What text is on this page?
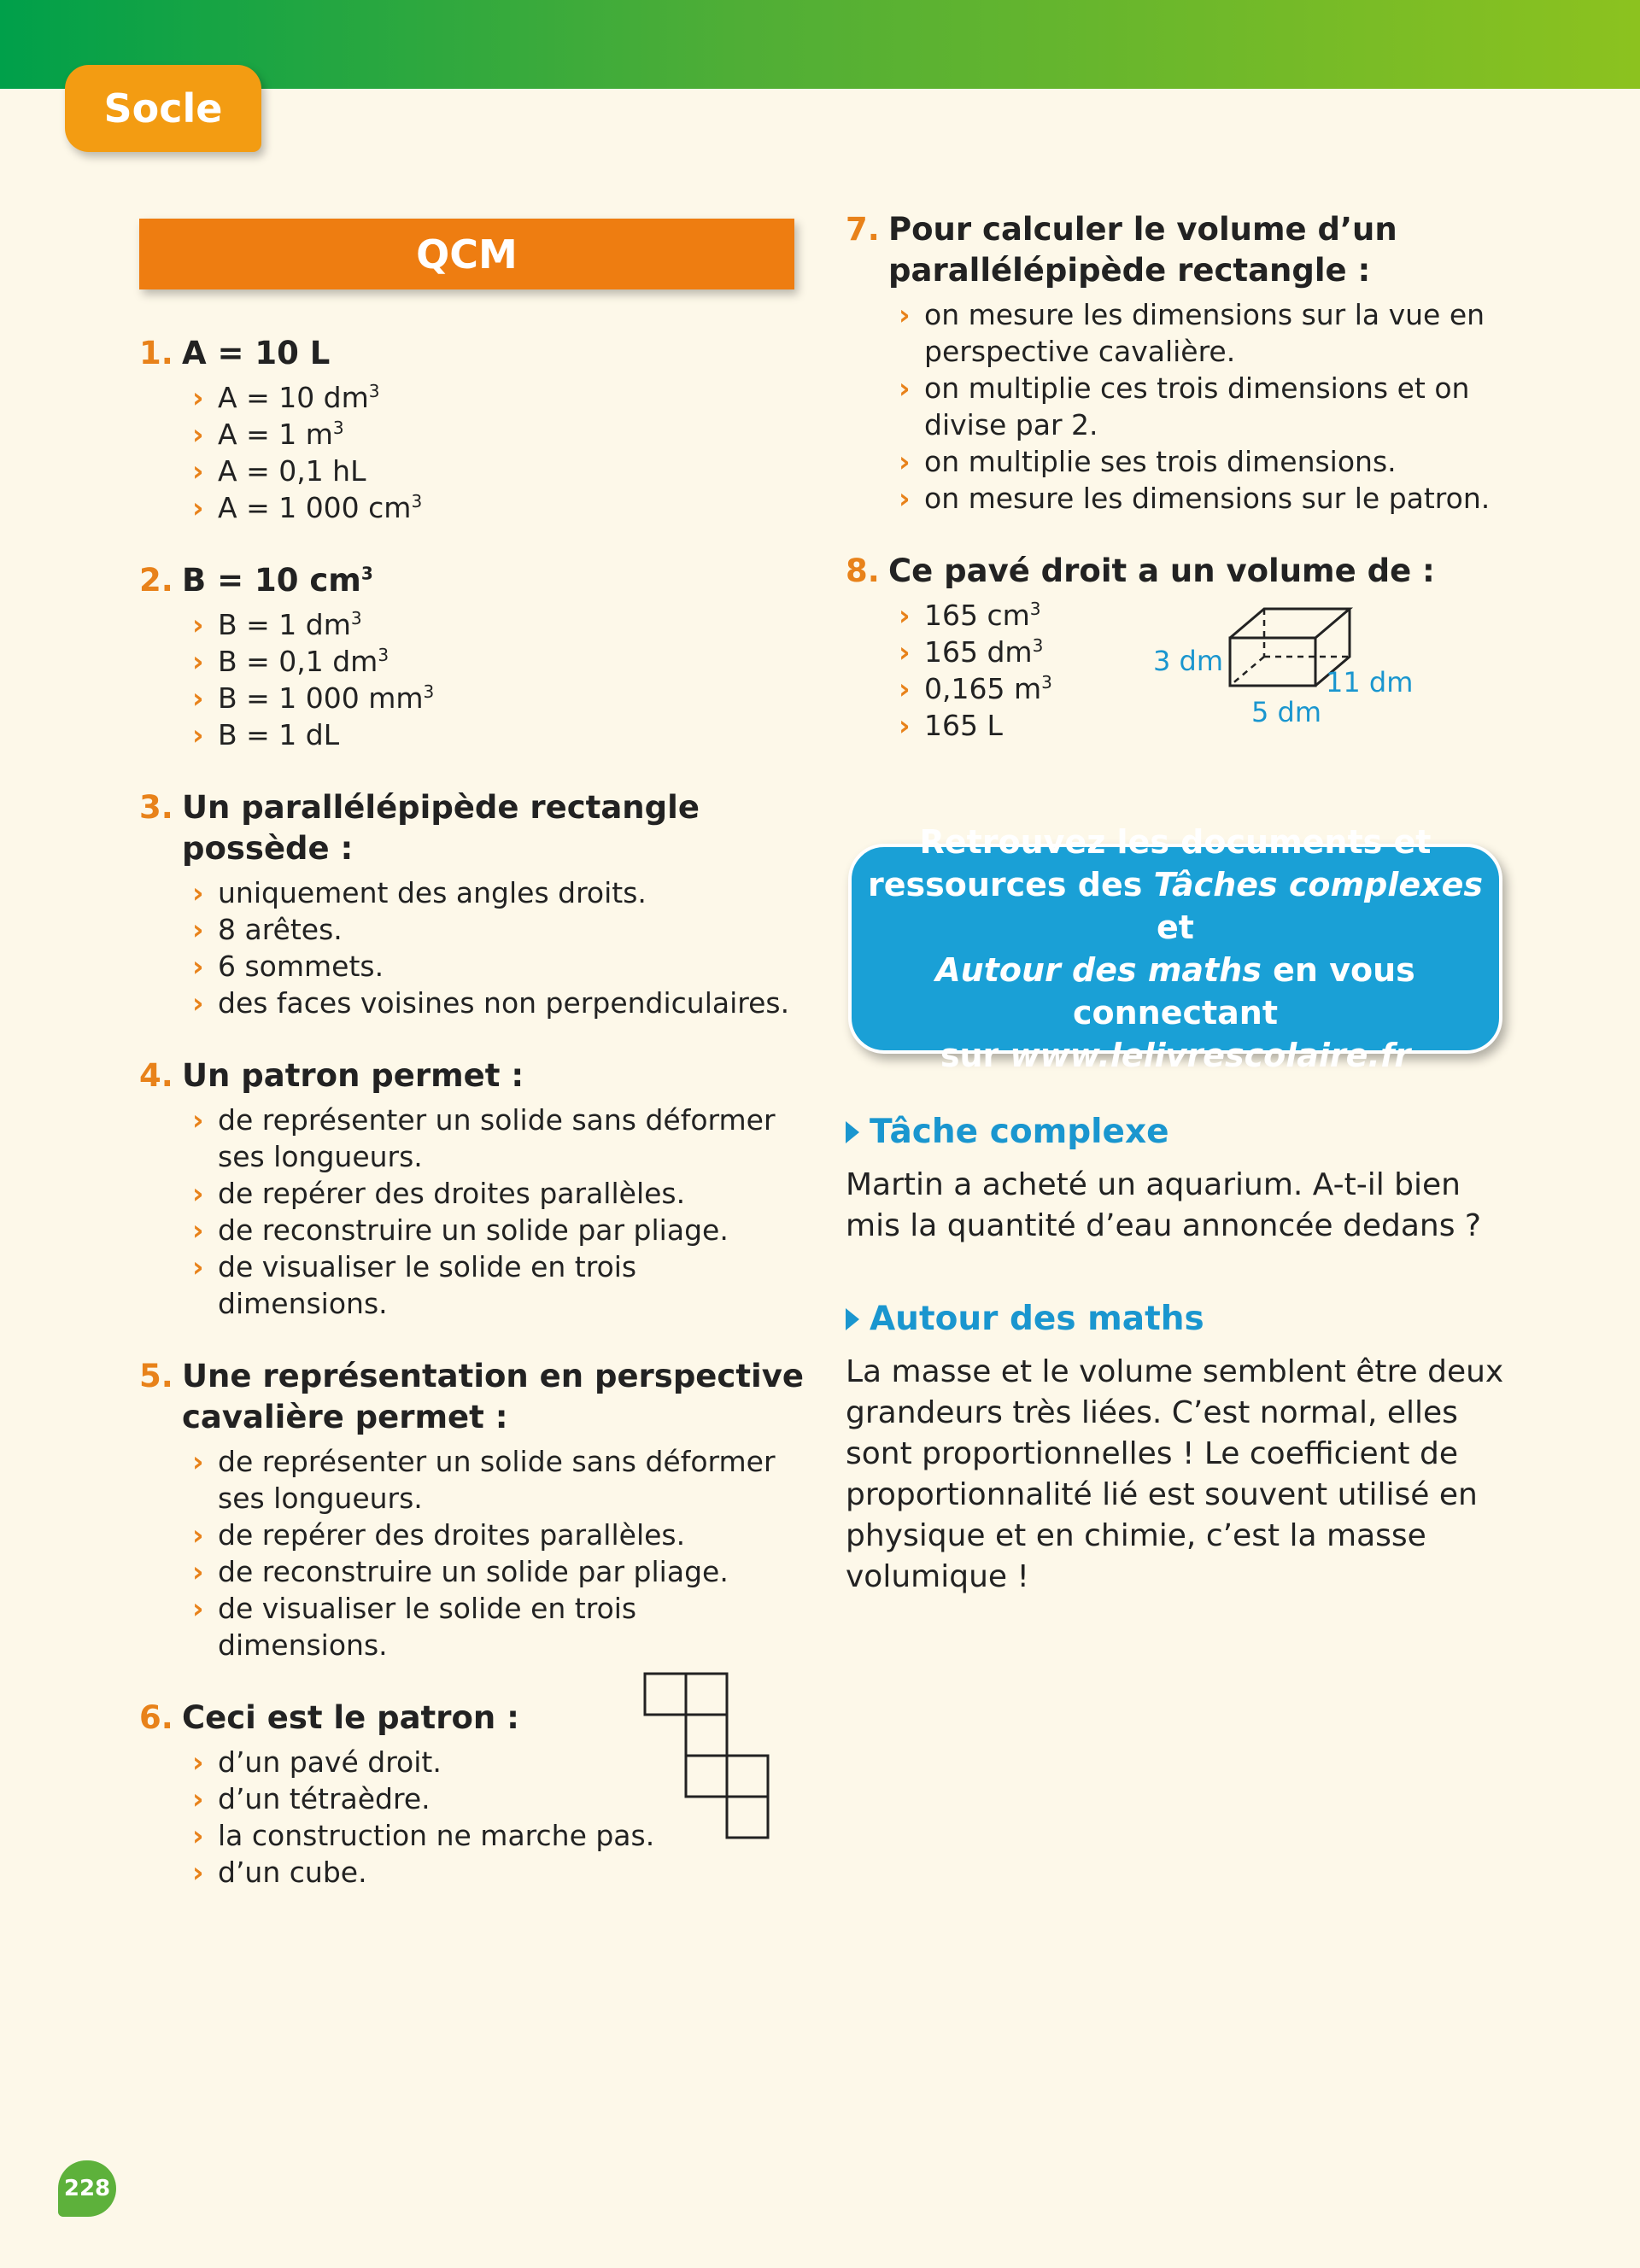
Socle
QCM
1. A = 10 L
› A = 10 $dm^3$
› A = 1 $m^3$
› A = 0,1 hL
› A = 1 000 $cm^3$
2. B = 10 $cm^3$
› B = 1 $dm^3$
› B = 0,1 $dm^3$
› B = 1 000 $mm^3$
› B = 1 dL
3. Un parallélépipède rectangle possède :
› uniquement des angles droits.
› 8 arêtes.
› 6 sommets.
› des faces voisines non perpendiculaires.
4. Un patron permet :
› de représenter un solide sans déformer ses longueurs.
› de repérer des droites parallèles.
› de reconstruire un solide par pliage.
› de visualiser le solide en trois dimensions.
5. Une représentation en perspective cavalière permet :
› de représenter un solide sans déformer ses longueurs.
› de repérer des droites parallèles.
› de reconstruire un solide par pliage.
› de visualiser le solide en trois dimensions.
6. Ceci est le patron :
› d’un pavé droit.
› d’un tétraèdre.
› la construction ne marche pas.
› d’un cube.
7. Pour calculer le volume d’un parallélépipède rectangle :
› on mesure les dimensions sur la vue en perspective cavalière.
› on multiplie ces trois dimensions et on divise par 2.
› on multiplie ses trois dimensions.
› on mesure les dimensions sur le patron.
8. Ce pavé droit a un volume de :
› 165 $cm^3$
› 165 $dm^3$
› 0,165 $m^3$
› 165 L
3 dm
5 dm
11 dm
Retrouvez les documents et
ressources des Tâches complexes et
Autour des maths en vous connectant
sur www.lelivrescolaire.fr
Tâche complexe
Martin a acheté un aquarium. A-t-il bien mis la quantité d’eau annoncée dedans ?
Autour des maths
La masse et le volume semblent être deux grandeurs très liées. C’est normal, elles sont proportionnelles ! Le coefficient de proportionnalité lié est souvent utilisé en physique et en chimie, c’est la masse volumique !
228
